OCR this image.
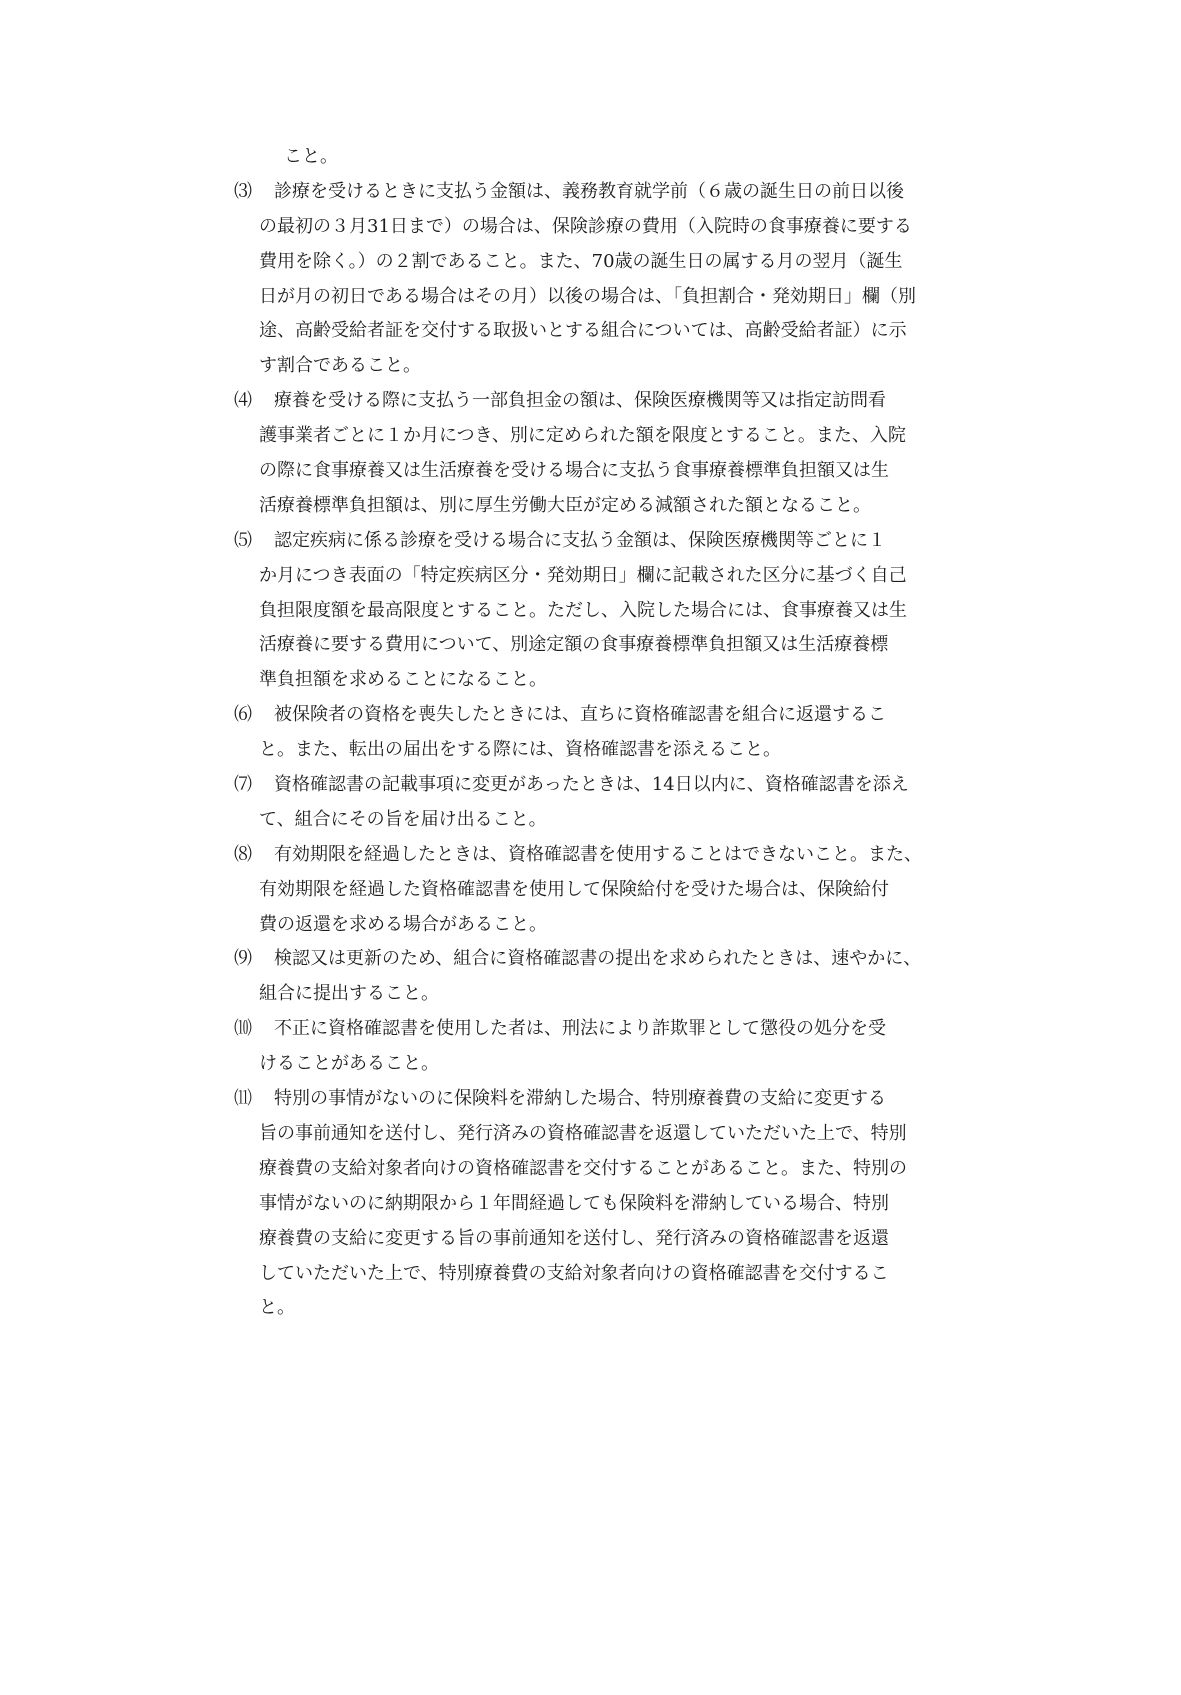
こと。
⑶ 診療を受けるときに支払う金額は、義務教育就学前（６歳の誕生日の前日以後
の最初の３月31日まで）の場合は、保険診療の費用（入院時の食事療養に要する
費用を除く。）の２割であること。また、70歳の誕生日の属する月の翌月（誕生
日が月の初日である場合はその月）以後の場合は、「負担割合・発効期日」欄（別
途、高齢受給者証を交付する取扱いとする組合については、高齢受給者証）に示
す割合であること。
⑷ 療養を受ける際に支払う一部負担金の額は、保険医療機関等又は指定訪問看
護事業者ごとに１か月につき、別に定められた額を限度とすること。また、入院
の際に食事療養又は生活療養を受ける場合に支払う食事療養標準負担額又は生
活療養標準負担額は、別に厚生労働大臣が定める減額された額となること。
⑸ 認定疾病に係る診療を受ける場合に支払う金額は、保険医療機関等ごとに１
か月につき表面の「特定疾病区分・発効期日」欄に記載された区分に基づく自己
負担限度額を最高限度とすること。ただし、入院した場合には、食事療養又は生
活療養に要する費用について、別途定額の食事療養標準負担額又は生活療養標
準負担額を求めることになること。
⑹ 被保険者の資格を喪失したときには、直ちに資格確認書を組合に返還するこ
と。また、転出の届出をする際には、資格確認書を添えること。
⑺ 資格確認書の記載事項に変更があったときは、14日以内に、資格確認書を添え
て、組合にその旨を届け出ること。
⑻ 有効期限を経過したときは、資格確認書を使用することはできないこと。また、
有効期限を経過した資格確認書を使用して保険給付を受けた場合は、保険給付
費の返還を求める場合があること。
⑼ 検認又は更新のため、組合に資格確認書の提出を求められたときは、速やかに、
組合に提出すること。
⑽ 不正に資格確認書を使用した者は、刑法により詐欺罪として懲役の処分を受
けることがあること。
⑾ 特別の事情がないのに保険料を滞納した場合、特別療養費の支給に変更する
旨の事前通知を送付し、発行済みの資格確認書を返還していただいた上で、特別
療養費の支給対象者向けの資格確認書を交付することがあること。また、特別の
事情がないのに納期限から１年間経過しても保険料を滞納している場合、特別
療養費の支給に変更する旨の事前通知を送付し、発行済みの資格確認書を返還
していただいた上で、特別療養費の支給対象者向けの資格確認書を交付するこ
と。
